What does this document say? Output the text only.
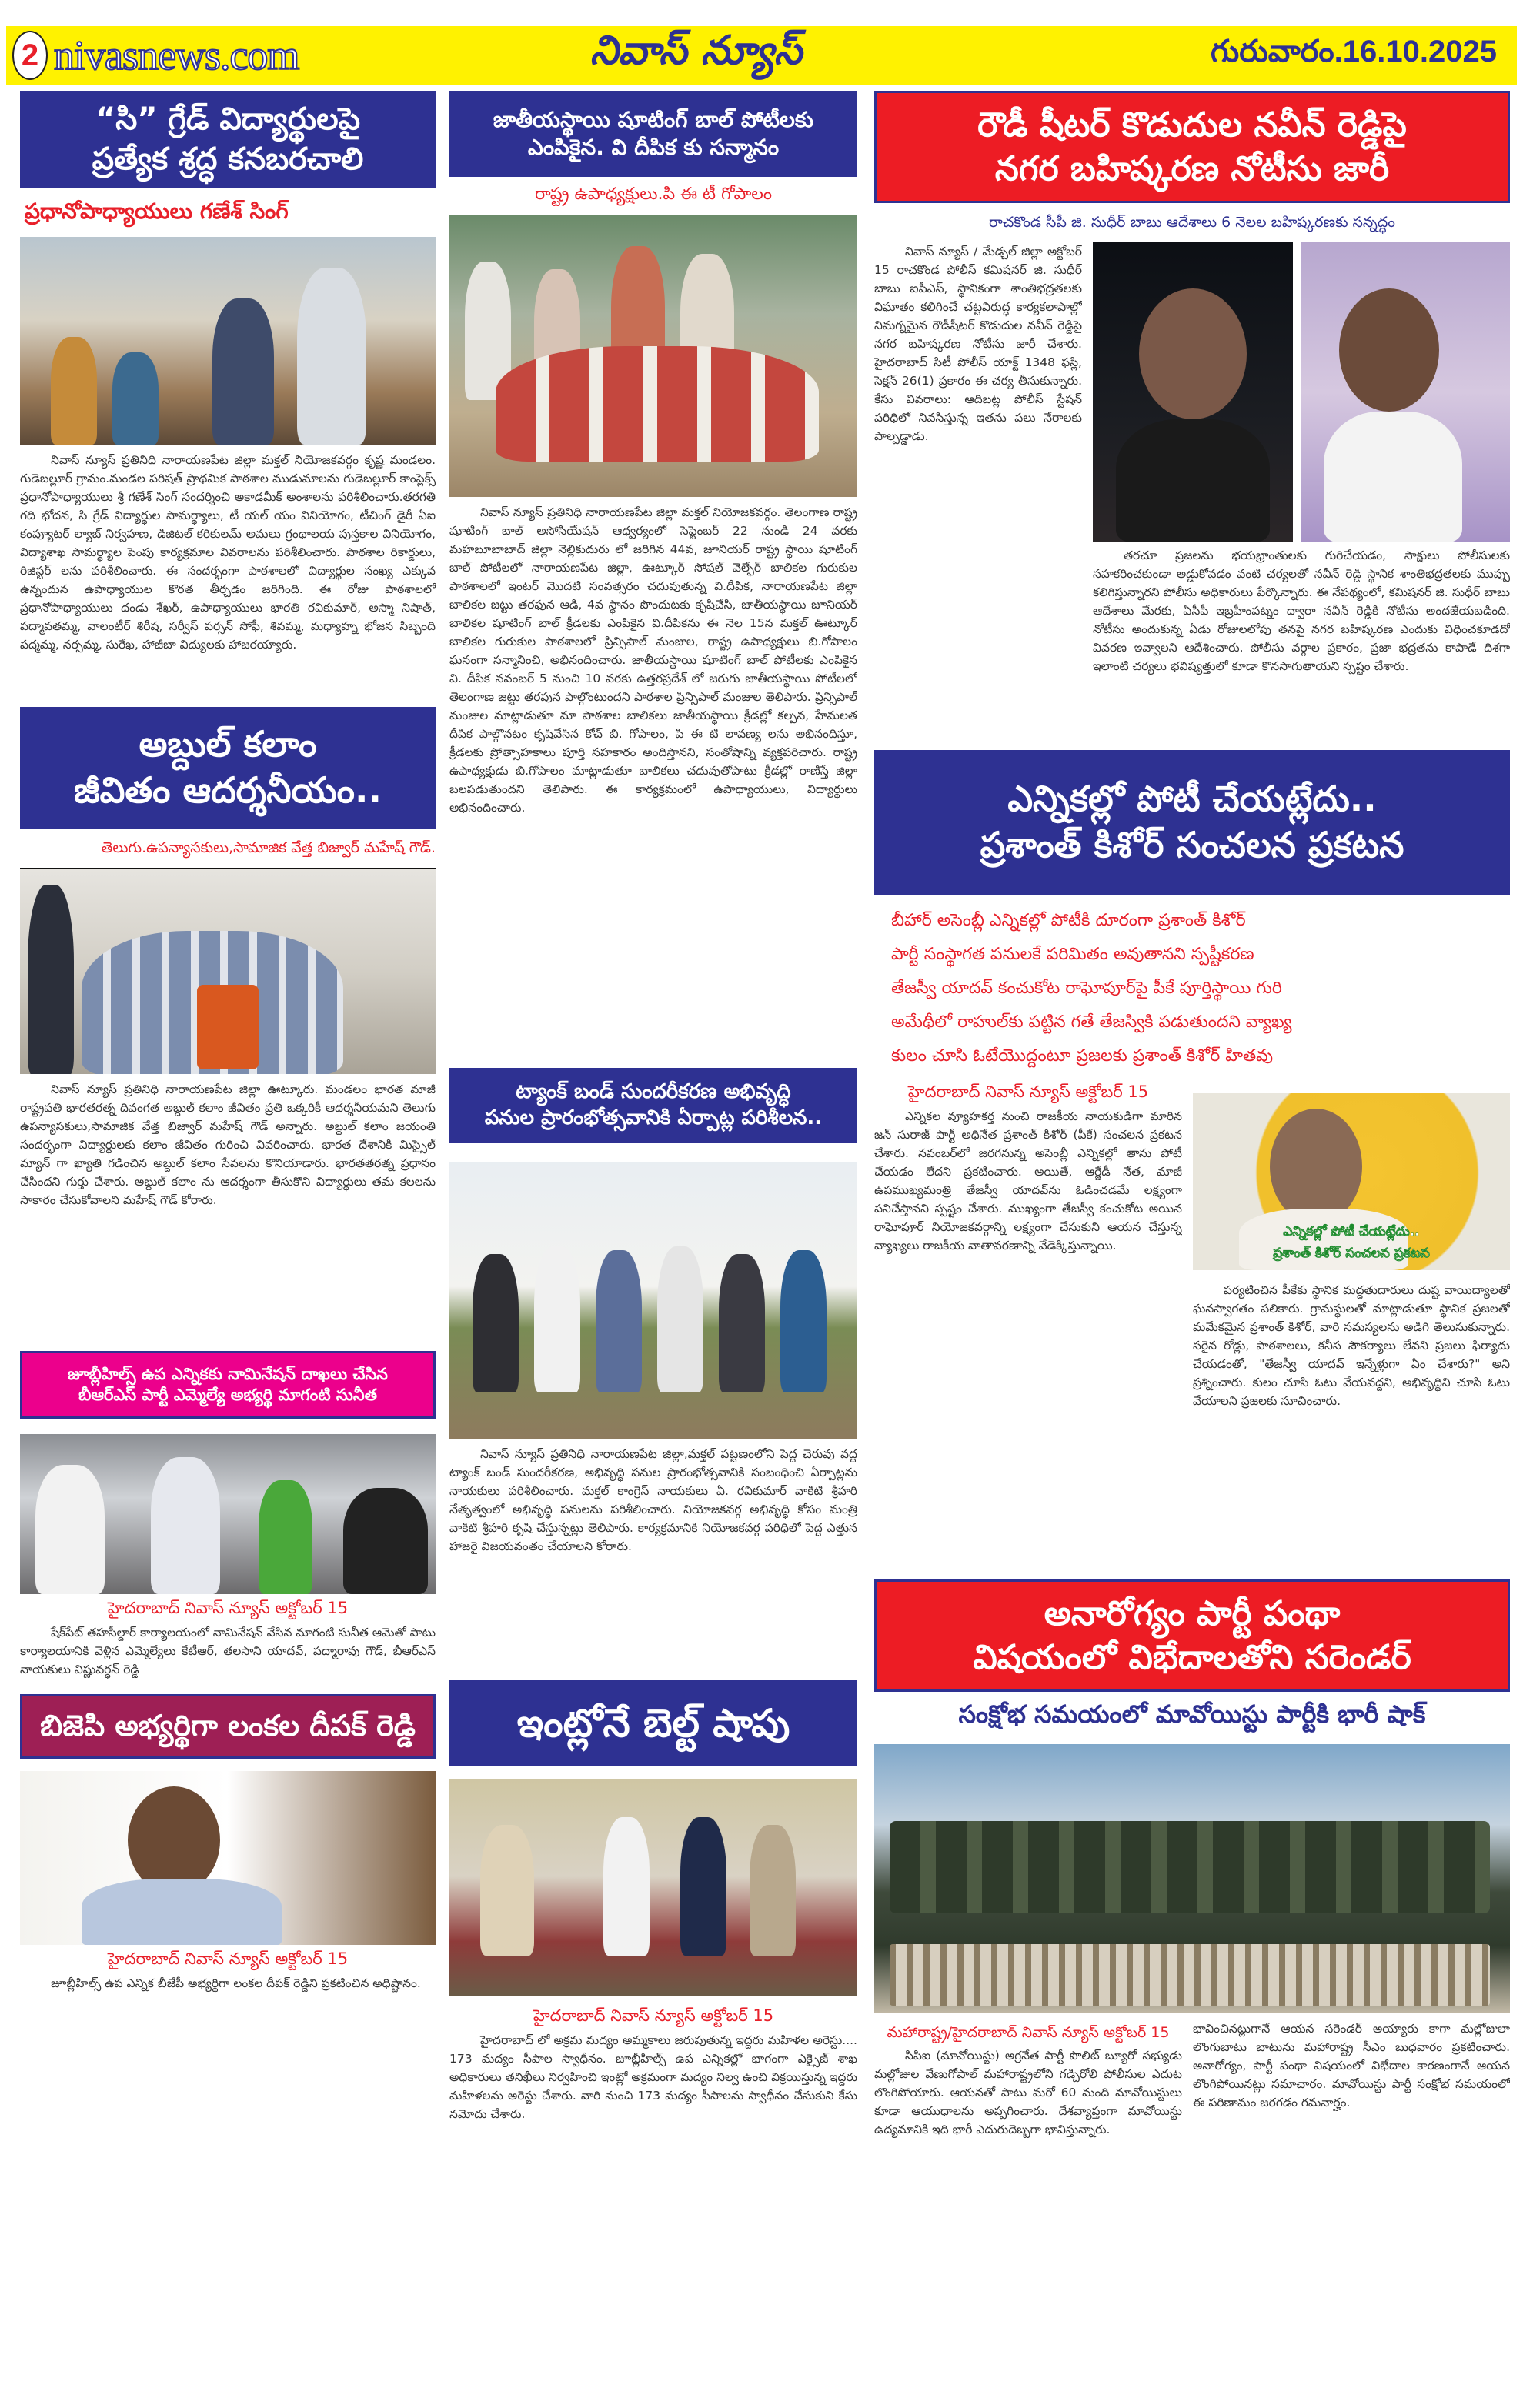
2 nivasnews.com	నివాస్ న్యూస్	గురువారం.16.10.2025
“సి” గ్రేడ్ విద్యార్థులపై
ప్రత్యేక శ్రద్ధ కనబరచాలి
ప్రధానోపాధ్యాయులు గణేశ్ సింగ్
నివాస్ న్యూస్ ప్రతినిధి నారాయణపేట జిల్లా మక్తల్ నియోజకవర్గం కృష్ణ మండలం. గుడెబల్లూర్ గ్రామం.మండల పరిషత్ ప్రాథమిక పాఠశాల ముడుమాలను గుడెబల్లూర్ కాంప్లెక్స్ ప్రధానోపాధ్యాయులు శ్రీ గణేశ్ సింగ్ సందర్శించి అకాడమీక్ అంశాలను పరిశీలించారు.తరగతి గది భోదన, సి గ్రేడ్ విద్యార్థుల సామర్థ్యాలు, టీ యల్ యం వినియోగం, టీచింగ్ డైరీ ఏఐ కంప్యూటర్ ల్యాబ్ నిర్వహణ, డిజిటల్ కరికులమ్ అమలు గ్రంథాలయ పుస్తకాల వినియోగం, విద్యాశాఖ సామర్థ్యాల పెంపు కార్యక్రమాల వివరాలను పరిశీలించారు. పాఠశాల రికార్డులు, రిజిస్టర్ లను పరిశీలించారు. ఈ సందర్భంగా పాఠశాలలో విద్యార్థుల సంఖ్య ఎక్కువ ఉన్నందున ఉపాధ్యాయుల కొరత తీర్చడం జరిగింది. ఈ రోజు పాఠశాలలో ప్రధానోపాధ్యాయులు దండు శేఖర్, ఉపాధ్యాయులు భారతి రవికుమార్, అస్మా నిషాత్, పద్మావతమ్మ, వాలంటీర్ శిరీష, సర్వీస్ పర్సన్ సోఫీ, శివమ్మ, మధ్యాహ్న భోజన సిబ్బంది పద్మమ్మ, నర్సమ్మ, సురేఖ, హాజీబా విద్యులకు హాజరయ్యారు.
అబ్దుల్ కలాం
జీవితం ఆదర్శనీయం..
తెలుగు.ఉపన్యాసకులు,సామాజిక వేత్త బిజ్వార్ మహేష్ గౌడ్.
నివాస్ న్యూస్ ప్రతినిధి నారాయణపేట జిల్లా ఊట్కూరు. మండలం భారత మాజీ రాష్ట్రపతి భారతరత్న దివంగత అబ్దుల్ కలాం జీవితం ప్రతి ఒక్కరికీ ఆదర్శనీయమని తెలుగు ఉపన్యాసకులు,సామాజిక వేత్త బిజ్వార్ మహేష్ గౌడ్ అన్నారు. అబ్దుల్ కలాం జయంతి సందర్భంగా విద్యార్థులకు కలాం జీవితం గురించి వివరించారు. భారత దేశానికి మిస్సైల్ మ్యాన్ గా ఖ్యాతి గడించిన అబ్దుల్ కలాం సేవలను కొనియాడారు. భారతతరత్న ప్రధానం చేసిందని గుర్తు చేశారు. అబ్దుల్ కలాం ను ఆదర్శంగా తీసుకొని విద్యార్థులు తమ కలలను సాకారం చేసుకోవాలని మహేష్ గౌడ్ కోరారు.
జూబ్లీహిల్స్ ఉప ఎన్నికకు నామినేషన్ దాఖలు చేసిన
బీఆర్ఎస్ పార్టీ ఎమ్మెల్యే అభ్యర్థి మాగంటి సునీత
హైదరాబాద్ నివాస్ న్యూస్ అక్టోబర్ 15
షేక్‌పేట్ తహసీల్దార్ కార్యాలయంలో నామినేషన్ వేసిన మాగంటి సునీత ఆమెతో పాటు కార్యాలయానికి వెళ్లిన ఎమ్మెల్యేలు కేటీఆర్, తలసాని యాదవ్, పద్మారావు గౌడ్, బీఆర్ఎస్ నాయకులు విష్ణువర్ధన్ రెడ్డి
బిజెపి అభ్యర్థిగా లంకల దీపక్ రెడ్డి
హైదరాబాద్ నివాస్ న్యూస్ అక్టోబర్ 15
జూబ్లీహిల్స్ ఉప ఎన్నిక బీజేపీ అభ్యర్థిగా లంకల దీపక్ రెడ్డిని ప్రకటించిన అధిష్టానం.
జాతీయస్థాయి షూటింగ్ బాల్ పోటీలకు
ఎంపికైన. వి దీపిక కు సన్మానం
రాష్ట్ర ఉపాధ్యక్షులు.పి ఈ టీ గోపాలం
నివాస్ న్యూస్ ప్రతినిధి నారాయణపేట జిల్లా మక్తల్ నియోజకవర్గం. తెలంగాణ రాష్ట్ర షూటింగ్ బాల్ అసోసియేషన్ ఆధ్వర్యంలో సెప్టెంబర్ 22 నుండి 24 వరకు మహబూబాబాద్ జిల్లా నెల్లికుదురు లో జరిగిన 44వ, జూనియర్ రాష్ట్ర స్థాయి షూటింగ్ బాల్ పోటీలలో నారాయణపేట జిల్లా, ఊట్కూర్ సోషల్ వెల్ఫేర్ బాలికల గురుకుల పాఠశాలలో ఇంటర్ మొదటి సంవత్సరం చదువుతున్న వి.దీపిక, నారాయణపేట జిల్లా బాలికల జట్టు తరఫున ఆడి, 4వ స్థానం పొందుటకు కృషిచేసి, జాతీయస్థాయి జూనియర్ బాలికల షూటింగ్ బాల్ క్రీడలకు ఎంపికైన వి.దీపికను ఈ నెల 15న మక్తల్ ఊట్కూర్ బాలికల గురుకుల పాఠశాలలో ప్రిన్సిపాల్ మంజుల, రాష్ట్ర ఉపాధ్యక్షులు బి.గోపాలం ఘనంగా సన్మానించి, అభినందించారు. జాతీయస్థాయి షూటింగ్ బాల్ పోటీలకు ఎంపికైన వి. దీపిక నవంబర్ 5 నుంచి 10 వరకు ఉత్తరప్రదేశ్ లో జరుగు జాతీయస్థాయి పోటీలలో తెలంగాణ జట్టు తరపున పాల్గొంటుందని పాఠశాల ప్రిన్సిపాల్ మంజుల తెలిపారు. ప్రిన్సిపాల్ మంజుల మాట్లాడుతూ మా పాఠశాల బాలికలు జాతీయస్థాయి క్రీడల్లో కల్పన, హేమలత దీపిక పాల్గొనటం కృషివేసిన కోచ్ బి. గోపాలం, పి ఈ టి లావణ్య లను అభినందిస్తూ, క్రీడలకు ప్రోత్సాహకాలు పూర్తి సహకారం అందిస్తానని, సంతోషాన్ని వ్యక్తపరిచారు. రాష్ట్ర ఉపాధ్యక్షుడు బి.గోపాలం మాట్లాడుతూ బాలికలు చదువుతోపాటు క్రీడల్లో రాణిస్తే జిల్లా బలపడుతుందని తెలిపారు. ఈ కార్యక్రమంలో ఉపాధ్యాయులు, విద్యార్థులు అభినందించారు.
ట్యాంక్ బండ్ సుందరీకరణ అభివృద్ధి
పనుల ప్రారంభోత్సవానికి ఏర్పాట్ల పరిశీలన..
నివాస్ న్యూస్ ప్రతినిధి నారాయణపేట జిల్లా,మక్తల్ పట్టణంలోని పెద్ద చెరువు వద్ద ట్యాంక్ బండ్ సుందరీకరణ, అభివృద్ధి పనుల ప్రారంభోత్సవానికి సంబంధించి ఏర్పాట్లను నాయకులు పరిశీలించారు. మక్తల్ కాంగ్రెస్ నాయకులు ఏ. రవికుమార్ వాకిటి శ్రీహరి నేతృత్వంలో అభివృద్ధి పనులను పరిశీలించారు. నియోజకవర్గ అభివృద్ధి కోసం మంత్రి వాకిటి శ్రీహరి కృషి చేస్తున్నట్లు తెలిపారు. కార్యక్రమానికి నియోజకవర్గ పరిధిలో పెద్ద ఎత్తున హాజరై విజయవంతం చేయాలని కోరారు.
ఇంట్లోనే బెల్ట్ షాపు
హైదరాబాద్ నివాస్ న్యూస్ అక్టోబర్ 15
హైదరాబాద్ లో అక్రమ మద్యం అమ్మకాలు జరుపుతున్న ఇద్దరు మహిళల అరెస్టు.... 173 మద్యం సీపాల స్వాధీనం. జూబ్లీహిల్స్ ఉప ఎన్నికల్లో భాగంగా ఎక్సైజ్ శాఖ అధికారులు తనిఖీలు నిర్వహించి ఇంట్లో అక్రమంగా మద్యం నిల్వ ఉంచి విక్రయిస్తున్న ఇద్దరు మహిళలను అరెస్టు చేశారు. వారి నుంచి 173 మద్యం సీసాలను స్వాధీనం చేసుకుని కేసు నమోదు చేశారు.
రౌడీ షీటర్ కొడుదుల నవీన్ రెడ్డిపై
నగర బహిష్కరణ నోటీసు జారీ
రాచకొండ సీపీ జి. సుధీర్ బాబు ఆదేశాలు 6 నెలల బహిష్కరణకు సన్నద్ధం
నివాస్ న్యూస్ / మేడ్చల్ జిల్లా అక్టోబర్ 15 రాచకొండ పోలీస్ కమిషనర్ జి. సుధీర్ బాబు ఐపీఎస్, స్థానికంగా శాంతిభద్రతలకు విఘాతం కలిగించే చట్టవిరుద్ధ కార్యకలాపాల్లో నిమగ్నమైన రౌడీషీటర్ కొడుదుల నవీన్ రెడ్డిపై నగర బహిష్కరణ నోటీసు జారీ చేశారు. హైదరాబాద్ సిటీ పోలీస్ యాక్ట్ 1348 ఫస్లి, సెక్షన్ 26(1) ప్రకారం ఈ చర్య తీసుకున్నారు. కేసు వివరాలు: ఆదిబట్ల పోలీస్ స్టేషన్ పరిధిలో నివసిస్తున్న ఇతను పలు నేరాలకు పాల్పడ్డాడు.
తరచూ ప్రజలను భయభ్రాంతులకు గురిచేయడం, సాక్షులు పోలీసులకు సహకరించకుండా అడ్డుకోవడం వంటి చర్యలతో నవీన్ రెడ్డి స్థానిక శాంతిభద్రతలకు ముప్పు కలిగిస్తున్నారని పోలీసు అధికారులు పేర్కొన్నారు. ఈ నేపథ్యంలో, కమిషనర్ జి. సుధీర్ బాబు ఆదేశాలు మేరకు, ఏసీపీ ఇబ్రహీంపట్నం ద్వారా నవీన్ రెడ్డికి నోటీసు అందజేయబడింది. నోటీసు అందుకున్న ఏడు రోజులలోపు తనపై నగర బహిష్కరణ ఎందుకు విధించకూడదో వివరణ ఇవ్వాలని ఆదేశించారు. పోలీసు వర్గాల ప్రకారం, ప్రజా భద్రతను కాపాడే దిశగా ఇలాంటి చర్యలు భవిష్యత్తులో కూడా కొనసాగుతాయని స్పష్టం చేశారు.
ఎన్నికల్లో పోటీ చేయట్లేదు..
ప్రశాంత్ కిశోర్ సంచలన ప్రకటన
బీహార్ అసెంబ్లీ ఎన్నికల్లో పోటీకి దూరంగా ప్రశాంత్ కిశోర్
పార్టీ సంస్థాగత పనులకే పరిమితం అవుతానని స్పష్టీకరణ
తేజస్వీ యాదవ్ కంచుకోట రాఘోపూర్‌పై పీకే పూర్తిస్థాయి గురి
అమేథీలో రాహుల్‌కు పట్టిన గతే తేజస్వికి పడుతుందని వ్యాఖ్య
కులం చూసి ఓటేయొద్దంటూ ప్రజలకు ప్రశాంత్ కిశోర్ హితవు
హైదరాబాద్ నివాస్ న్యూస్ అక్టోబర్ 15
ఎన్నికల వ్యూహకర్త నుంచి రాజకీయ నాయకుడిగా మారిన జన్ సురాజ్ పార్టీ అధినేత ప్రశాంత్ కిశోర్ (పీకే) సంచలన ప్రకటన చేశారు. నవంబర్‌లో జరగనున్న అసెంబ్లీ ఎన్నికల్లో తాను పోటీ చేయడం లేదని ప్రకటించారు. అయితే, ఆర్జేడీ నేత, మాజీ ఉపముఖ్యమంత్రి తేజస్వీ యాదవ్‌ను ఓడించడమే లక్ష్యంగా పనిచేస్తానని స్పష్టం చేశారు. ముఖ్యంగా తేజస్వీ కంచుకోట అయిన రాఘోపూర్ నియోజకవర్గాన్ని లక్ష్యంగా చేసుకుని ఆయన చేస్తున్న వ్యాఖ్యలు రాజకీయ వాతావరణాన్ని వేడెక్కిస్తున్నాయి.
ఎన్నికల్లో పోటీ చేయట్లేదు..
ప్రశాంత్ కిశోర్ సంచలన ప్రకటన
పర్యటించిన పీకేకు స్థానిక మద్దతుదారులు దుష్ట వాయిద్యాలతో ఘనస్వాగతం పలికారు. గ్రామస్థులతో మాట్లాడుతూ స్థానిక ప్రజలతో మమేకమైన ప్రశాంత్ కిశోర్, వారి సమస్యలను అడిగి తెలుసుకున్నారు. సరైన రోడ్లు, పాఠశాలలు, కనీస సౌకర్యాలు లేవని ప్రజలు ఫిర్యాదు చేయడంతో, "తేజస్వీ యాదవ్ ఇన్నేళ్లుగా ఏం చేశారు?" అని ప్రశ్నించారు. కులం చూసి ఓటు వేయవద్దని, అభివృద్ధిని చూసి ఓటు వేయాలని ప్రజలకు సూచించారు.
అనారోగ్యం పార్టీ పంథా
విషయంలో విభేదాలతోని సరెండర్
సంక్షోభ సమయంలో మావోయిస్టు పార్టీకి భారీ షాక్
మహారాష్ట్ర/హైదరాబాద్ నివాస్ న్యూస్ అక్టోబర్ 15
సిపిఐ (మావోయిస్టు) అగ్రనేత పార్టీ పొలిట్ బ్యూరో సభ్యుడు మల్లోజుల వేణుగోపాల్ మహారాష్ట్రలోని గడ్చిరోలి పోలీసుల ఎదుట లొంగిపోయారు. ఆయనతో పాటు మరో 60 మంది మావోయిస్టులు కూడా ఆయుధాలను అప్పగించారు. దేశవ్యాప్తంగా మావోయిస్టు ఉద్యమానికి ఇది భారీ ఎదురుదెబ్బగా భావిస్తున్నారు.
భావించినట్లుగానే ఆయన సరెండర్ అయ్యారు కాగా మల్లోజులా లొంగుబాటు బాటును మహారాష్ట్ర సీఎం బుధవారం ప్రకటించారు. అనారోగ్యం, పార్టీ పంథా విషయంలో విభేదాల కారణంగానే ఆయన లొంగిపోయినట్లు సమాచారం. మావోయిస్టు పార్టీ సంక్షోభ సమయంలో ఈ పరిణామం జరగడం గమనార్హం.
